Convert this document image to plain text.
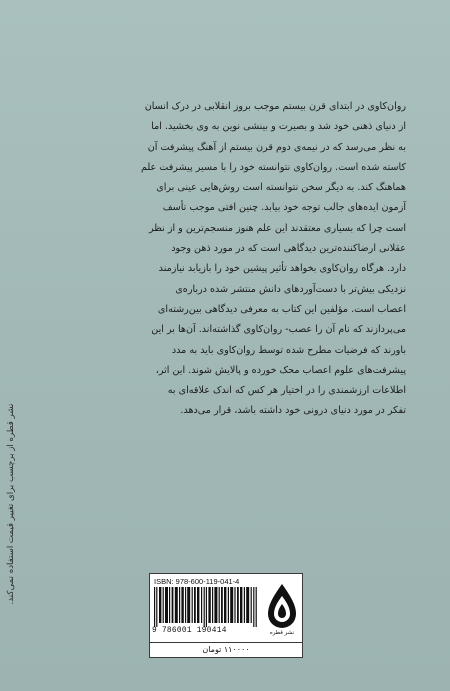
روان‌کاوی در ابتدای قرن بیستم موجب بروز انقلابی در درک انسان

از دنیای ذهنی خود شد و بصیرت و بینشی نوین به وی بخشید. اما

به نظر می‌رسد که در نیمه‌ی دوم قرن بیستم از آهنگ پیشرفت آن

کاسته شده است. روان‌کاوی نتوانسته خود را با مسیر پیشرفت علم

هماهنگ کند. به دیگر سخن نتوانسته است روش‌هایی عینی برای

آزمون ایده‌های جالب توجه خود بیابد. چنین افتی موجب تأسف

است چرا که بسیاری معتقدند این علم هنوز منسجم‌ترین و از نظر

عقلانی ارضاکننده‌ترین دیدگاهی است که در مورد ذهن وجود

دارد. هرگاه روان‌کاوی بخواهد تأثیر پیشین خود را بازیابد نیازمند

نزدیکی بیش‌تر با دست‌آوردهای دانش منتشر شده درباره‌ی

اعصاب است. مؤلفین این کتاب به معرفی دیدگاهی بین‌رشته‌ای

می‌پردازند که نام آن را عصب- روان‌کاوی گذاشته‌اند. آن‌ها بر این

باورند که فرضیات مطرح شده توسط روان‌کاوی باید به مدد

پیشرفت‌های علوم اعصاب محک خورده و پالایش شوند. این اثر،

اطلاعات ارزشمندی را در اختیار هر کس که اندک علاقه‌ای به

تفکر در مورد دنیای درونی خود داشته باشد، قرار می‌دهد.

نشر قطره از برچسب برای تغییر قیمت استفاده نمی‌کند.	ISBN: 978-600-119-041-4
9 786001 190414	نشر قطره
۱۱۰۰۰۰ تومان
